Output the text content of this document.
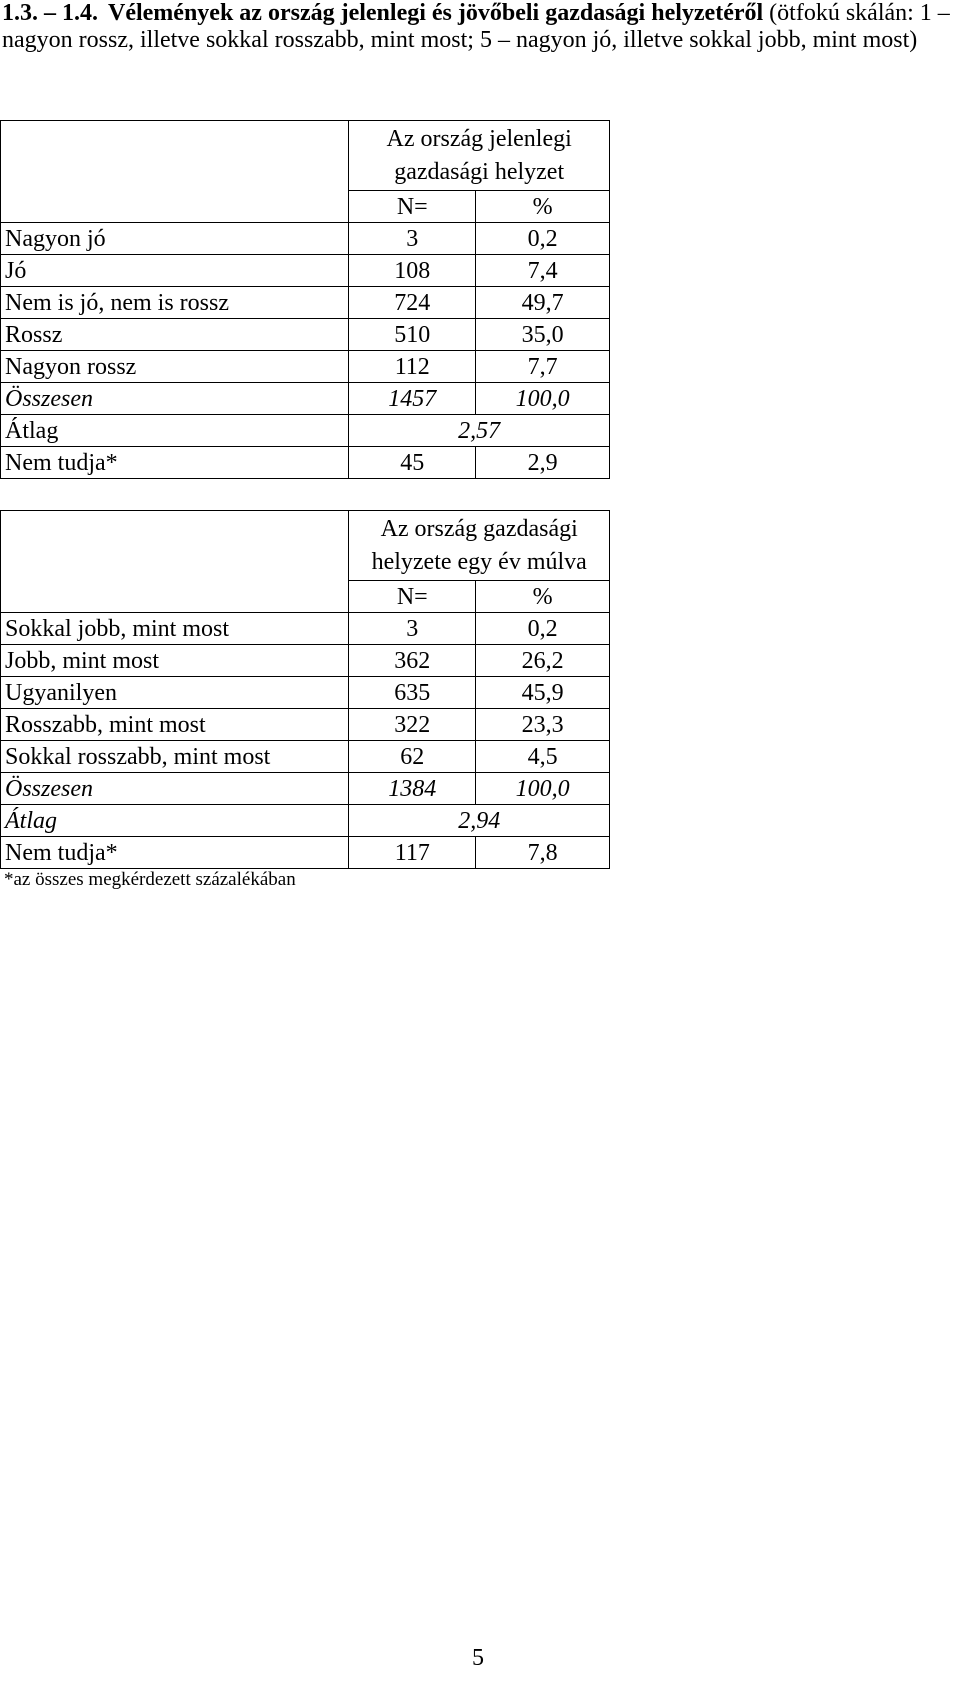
1.3. – 1.4. Vélemények az ország jelenlegi és jövőbeli gazdasági helyzetéről (ötfokú skálán: 1 – nagyon rossz, illetve sokkal rosszabb, mint most; 5 – nagyon jó, illetve sokkal jobb, mint most)
	Az ország jelenlegi gazdasági helyzet	
	N=	%
Nagyon jó	3	0,2
Jó	108	7,4
Nem is jó, nem is rossz	724	49,7
Rossz	510	35,0
Nagyon rossz	112	7,7
Összesen	1457	100,0
Átlag	2,57	
Nem tudja*	45	2,9
	Az ország gazdasági helyzete egy év múlva	
	N=	%
Sokkal jobb, mint most	3	0,2
Jobb, mint most	362	26,2
Ugyanilyen	635	45,9
Rosszabb, mint most	322	23,3
Sokkal rosszabb, mint most	62	4,5
Összesen	1384	100,0
Átlag	2,94	
Nem tudja*	117	7,8
*az összes megkérdezett százalékában
5
